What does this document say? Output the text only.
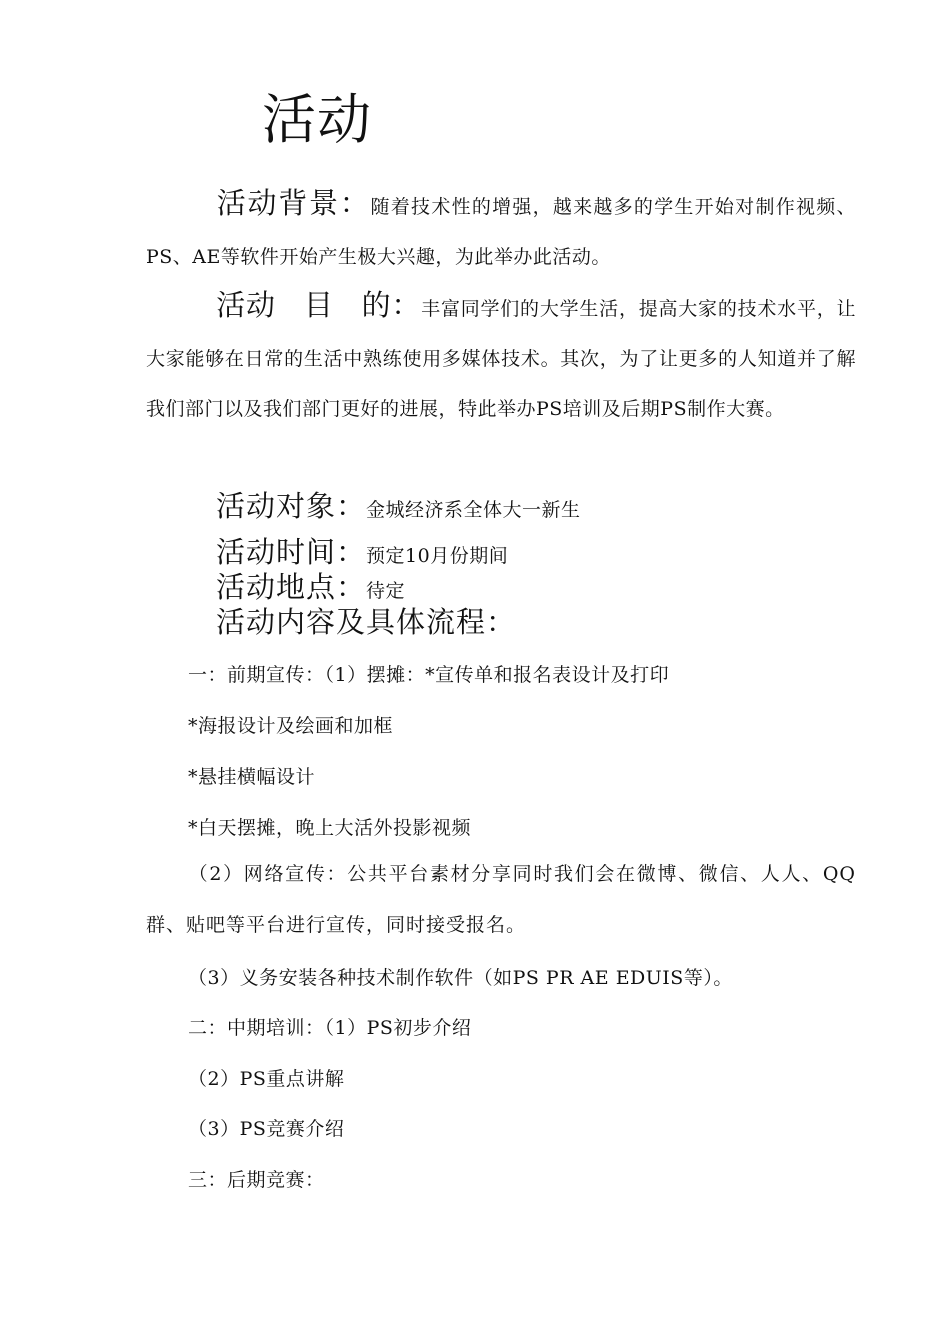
活动
活动背景：随着技术性的增强，越来越多的学生开始对制作视频、PS、AE等软件开始产生极大兴趣，为此举办此活动。
活动 目 的：丰富同学们的大学生活，提高大家的技术水平，让大家能够在日常的生活中熟练使用多媒体技术。其次，为了让更多的人知道并了解我们部门以及我们部门更好的进展，特此举办PS培训及后期PS制作大赛。
活动对象：金城经济系全体大一新生
活动时间：预定10月份期间
活动地点：待定
活动内容及具体流程：
一：前期宣传：（1）摆摊：*宣传单和报名表设计及打印
*海报设计及绘画和加框
*悬挂横幅设计
*白天摆摊，晚上大活外投影视频
（2）网络宣传：公共平台素材分享同时我们会在微博、微信、人人、QQ群、贴吧等平台进行宣传，同时接受报名。
（3）义务安装各种技术制作软件（如PS PR AE EDUIS等）。
二：中期培训：（1）PS初步介绍
（2）PS重点讲解
（3）PS竞赛介绍
三：后期竞赛：
